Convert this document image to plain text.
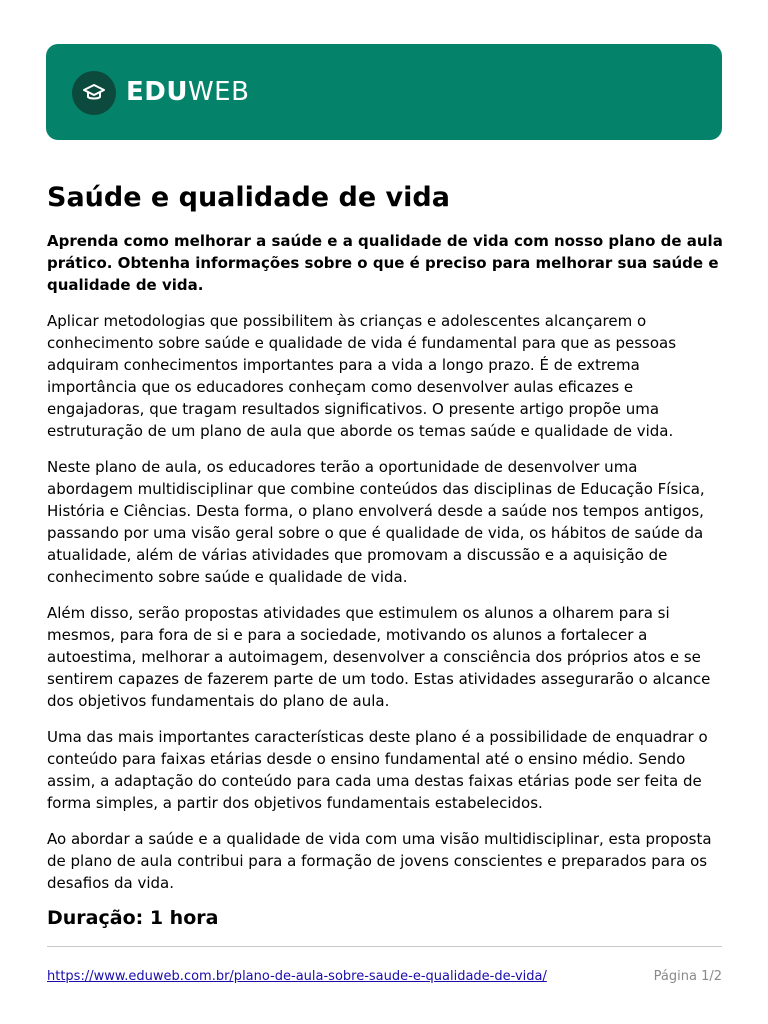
EDUWEB
Saúde e qualidade de vida

Aprenda como melhorar a saúde e a qualidade de vida com nosso plano de aula prático. Obtenha informações sobre o que é preciso para melhorar sua saúde e qualidade de vida.

Aplicar metodologias que possibilitem às crianças e adolescentes alcançarem o conhecimento sobre saúde e qualidade de vida é fundamental para que as pessoas adquiram conhecimentos importantes para a vida a longo prazo. É de extrema importância que os educadores conheçam como desenvolver aulas eficazes e engajadoras, que tragam resultados significativos. O presente artigo propõe uma estruturação de um plano de aula que aborde os temas saúde e qualidade de vida.

Neste plano de aula, os educadores terão a oportunidade de desenvolver uma abordagem multidisciplinar que combine conteúdos das disciplinas de Educação Física, História e Ciências. Desta forma, o plano envolverá desde a saúde nos tempos antigos, passando por uma visão geral sobre o que é qualidade de vida, os hábitos de saúde da atualidade, além de várias atividades que promovam a discussão e a aquisição de conhecimento sobre saúde e qualidade de vida.

Além disso, serão propostas atividades que estimulem os alunos a olharem para si mesmos, para fora de si e para a sociedade, motivando os alunos a fortalecer a autoestima, melhorar a autoimagem, desenvolver a consciência dos próprios atos e se sentirem capazes de fazerem parte de um todo. Estas atividades assegurarão o alcance dos objetivos fundamentais do plano de aula.

Uma das mais importantes características deste plano é a possibilidade de enquadrar o conteúdo para faixas etárias desde o ensino fundamental até o ensino médio. Sendo assim, a adaptação do conteúdo para cada uma destas faixas etárias pode ser feita de forma simples, a partir dos objetivos fundamentais estabelecidos.

Ao abordar a saúde e a qualidade de vida com uma visão multidisciplinar, esta proposta de plano de aula contribui para a formação de jovens conscientes e preparados para os desafios da vida.

Duração: 1 hora
https://www.eduweb.com.br/plano-de-aula-sobre-saude-e-qualidade-de-vida/	Página 1/2
